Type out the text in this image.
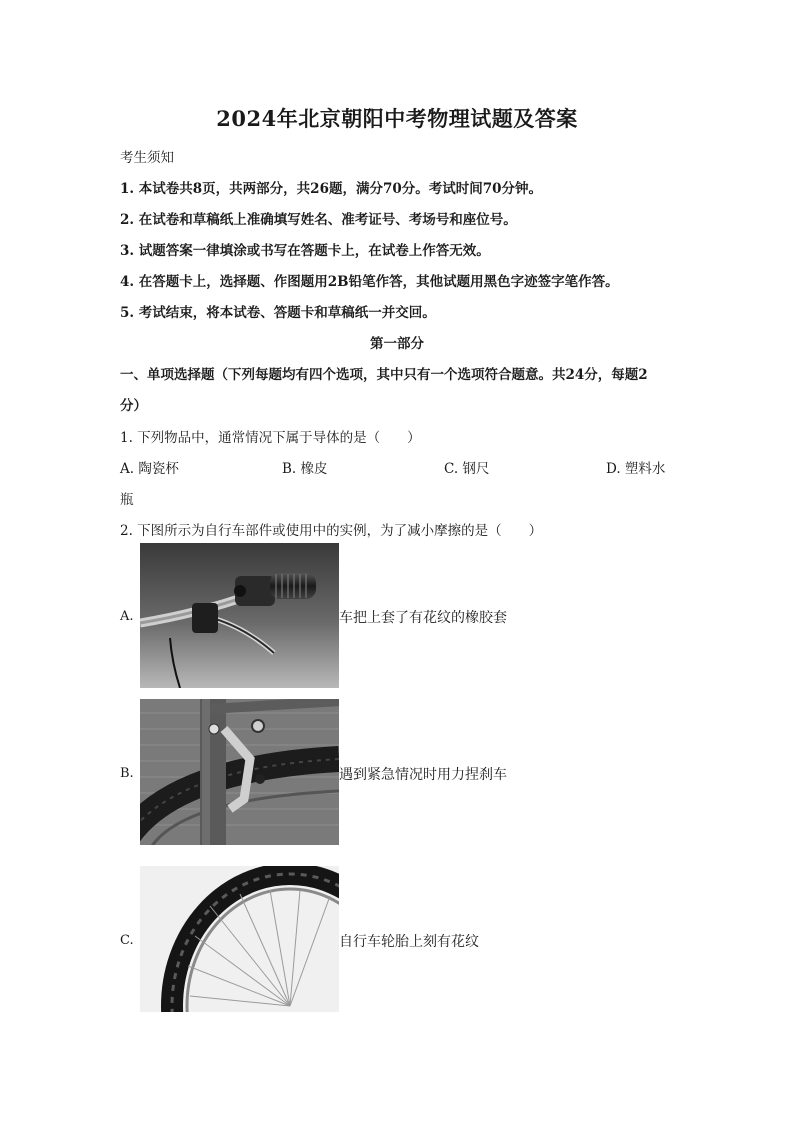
2024年北京朝阳中考物理试题及答案
考生须知
1. 本试卷共8页，共两部分，共26题，满分70分。考试时间70分钟。
2. 在试卷和草稿纸上准确填写姓名、准考证号、考场号和座位号。
3. 试题答案一律填涂或书写在答题卡上，在试卷上作答无效。
4. 在答题卡上，选择题、作图题用2B铅笔作答，其他试题用黑色字迹签字笔作答。
5. 考试结束，将本试卷、答题卡和草稿纸一并交回。
第一部分
一、单项选择题（下列每题均有四个选项，其中只有一个选项符合题意。共24分，每题2
分）
1. 下列物品中，通常情况下属于导体的是（　　）
A. 陶瓷杯	B. 橡皮	C. 钢尺	D. 塑料水
瓶
2. 下图所示为自行车部件或使用中的实例，为了减小摩擦的是（　　）
A.	车把上套了有花纹的橡胶套
B.	遇到紧急情况时用力捏刹车
C.	自行车轮胎上刻有花纹
